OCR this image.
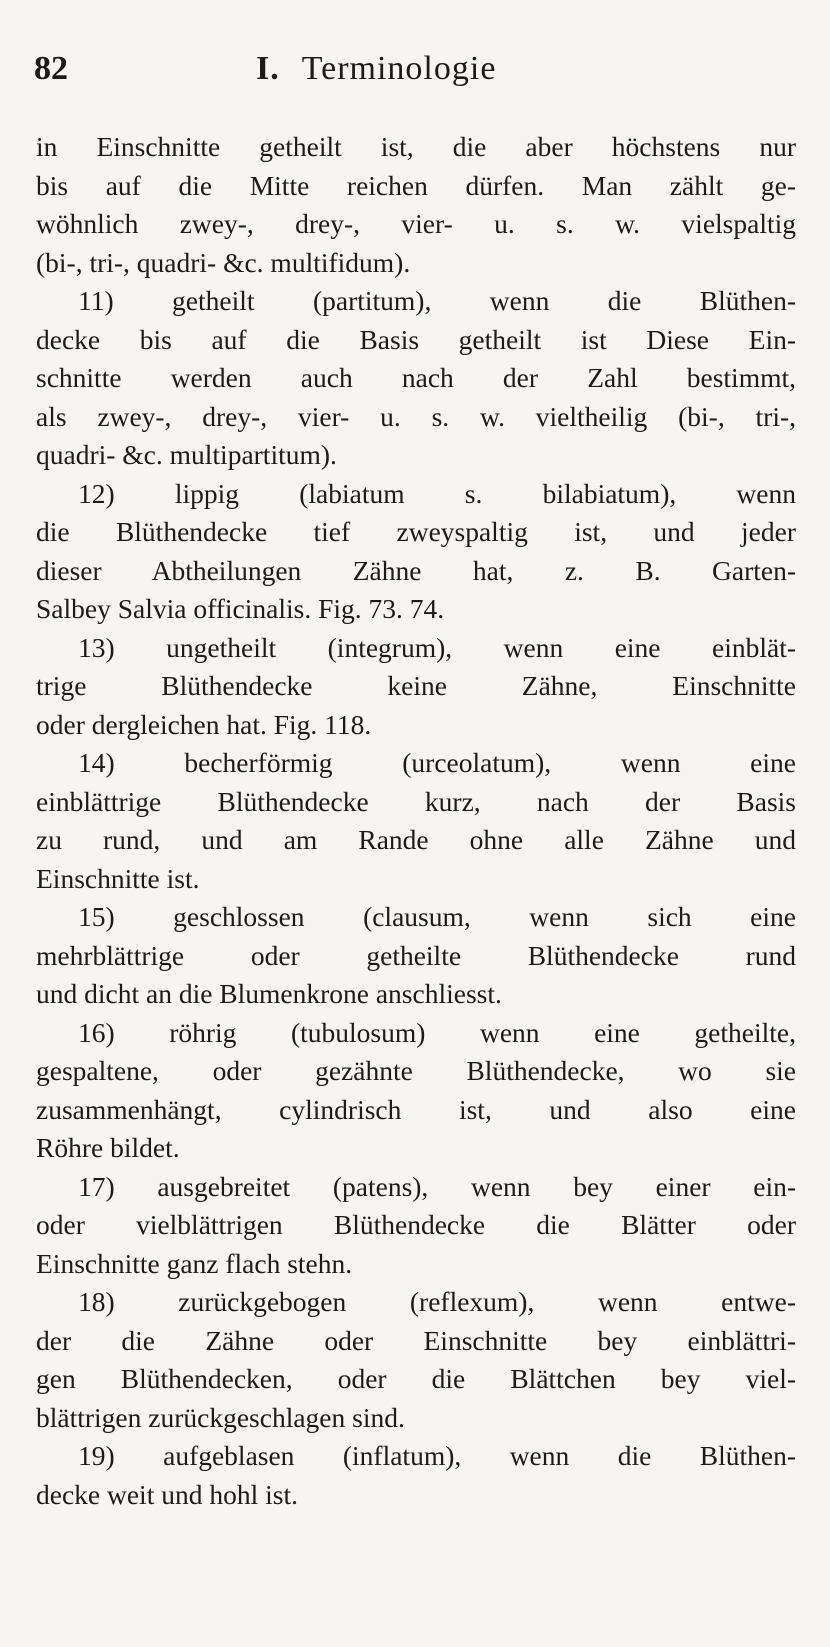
82	I. Terminologie
in Einschnitte getheilt ist, die aber höchstens nur
bis auf die Mitte reichen dürfen. Man zählt ge-
wöhnlich zwey-, drey-, vier- u. s. w. vielspaltig
(bi-, tri-, quadri- &c. multifidum).
11) getheilt (partitum), wenn die Blüthen-
decke bis auf die Basis getheilt ist Diese Ein-
schnitte werden auch nach der Zahl bestimmt,
als zwey-, drey-, vier- u. s. w. vieltheilig (bi-, tri-,
quadri- &c. multipartitum).
12) lippig (labiatum s. bilabiatum), wenn
die Blüthendecke tief zweyspaltig ist, und jeder
dieser Abtheilungen Zähne hat, z. B. Garten-
Salbey Salvia officinalis. Fig. 73. 74.
13) ungetheilt (integrum), wenn eine einblät-
trige Blüthendecke keine Zähne, Einschnitte
oder dergleichen hat. Fig. 118.
14) becherförmig (urceolatum), wenn eine
einblättrige Blüthendecke kurz, nach der Basis
zu rund, und am Rande ohne alle Zähne und
Einschnitte ist.
15) geschlossen (clausum, wenn sich eine
mehrblättrige oder getheilte Blüthendecke rund
und dicht an die Blumenkrone anschliesst.
16) röhrig (tubulosum) wenn eine getheilte,
gespaltene, oder gezähnte Blüthendecke, wo sie
zusammenhängt, cylindrisch ist, und also eine
Röhre bildet.
17) ausgebreitet (patens), wenn bey einer ein-
oder vielblättrigen Blüthendecke die Blätter oder
Einschnitte ganz flach stehn.
18) zurückgebogen (reflexum), wenn entwe-
der die Zähne oder Einschnitte bey einblättri-
gen Blüthendecken, oder die Blättchen bey viel-
blättrigen zurückgeschlagen sind.
19) aufgeblasen (inflatum), wenn die Blüthen-
decke weit und hohl ist.
